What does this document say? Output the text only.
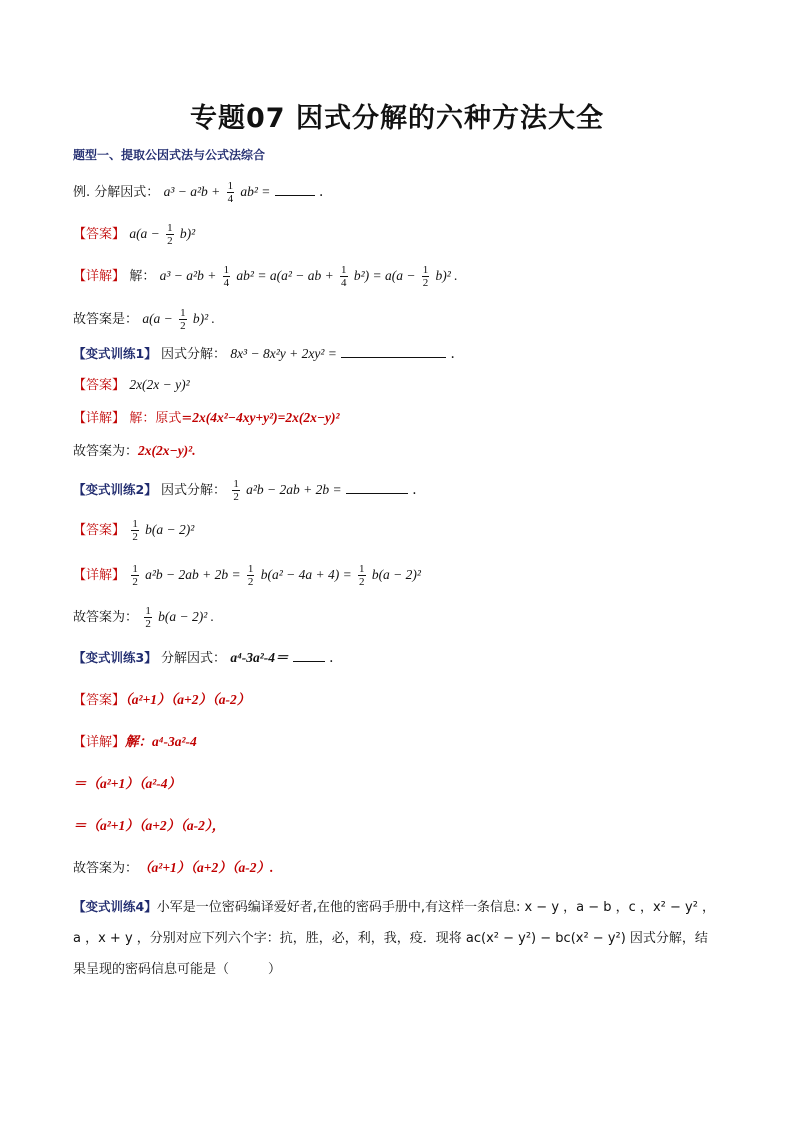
专题07 因式分解的六种方法大全
题型一、提取公因式法与公式法综合
例. 分解因式： $a^3 - a^2b + \frac{1}{4} ab^2$ =	.
【答案】 $a(a - \frac{1}{2} b)^2$
【详解】 解： $a^3 - a^2b + \frac{1}{4} ab^2 = a(a^2$ − ab + $\frac{1}{4} b^2) = a(a - \frac{1}{2} b)^2$ .
故答案是： $a(a - \frac{1}{2} b)^2$ .
【变式训练1】 因式分解： 8x³ − 8x²y + 2xy² =	.
【答案】 2x(2x − y)²
【详解】 解：原式=2x(4x²−4xy+y²)=2x(2x−y)²
故答案为：2x(2x−y)².
【变式训练2】 因式分解： $\frac{1}{2} a^2b - 2ab + 2b$ =	.
【答案】 $\frac{1}{2} b(a - 2)^2$
【详解】 $\frac{1}{2} a^2b - 2ab + 2b = \frac{1}{2} b(a^2 - 4a + 4) = \frac{1}{2} b(a - 2)^2$
故答案为： $\frac{1}{2} b(a - 2)^2$ .
【变式训练3】 分解因式： a⁴-3a²-4＝	.
【答案】（a²+1）（a+2）（a-2）
【详解】解：a⁴-3a²-4
＝（a²+1）（a²-4）
＝（a²+1）（a+2）（a-2），
故答案为：（a²+1）（a+2）（a-2）.
【变式训练4】小军是一位密码编译爱好者,在他的密码手册中,有这样一条信息: x − y ，a − b ，c ，x² − y² ，
a ，x + y ，分别对应下列六个字：抗，胜，必，利，我，疫．现将 ac(x² − y²) − bc(x² − y²) 因式分解，结
果呈现的密码信息可能是（　　　）
